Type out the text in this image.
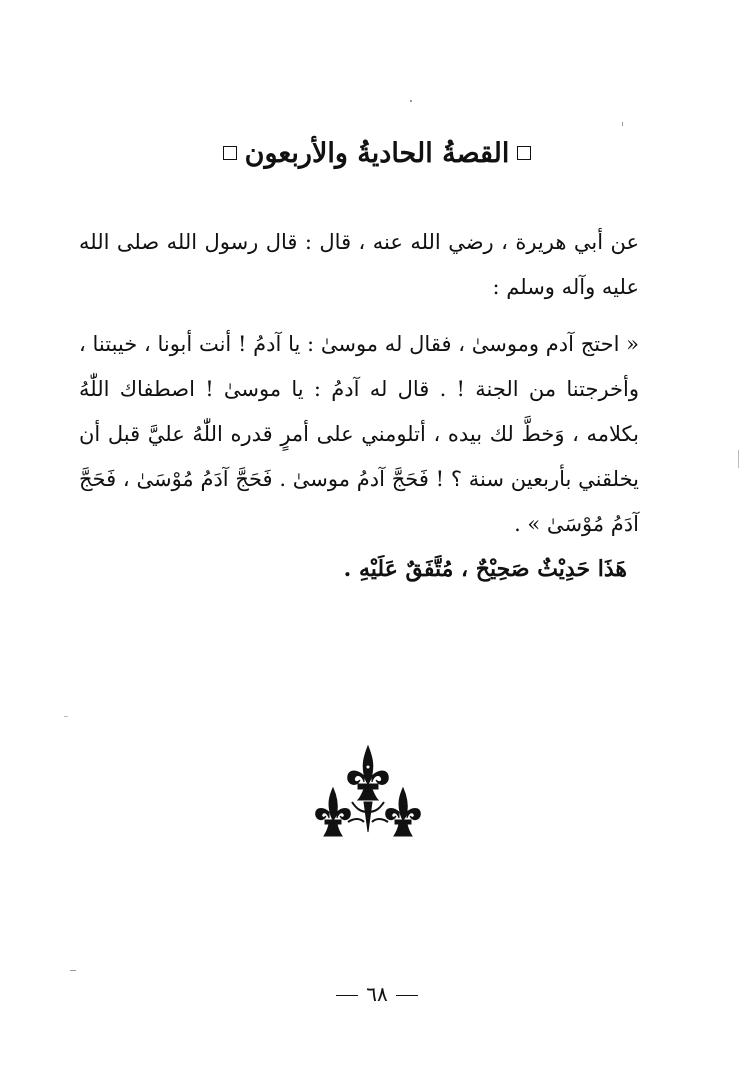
القصةُ الحاديةُ والأربعون

عن أبي هريرة ، رضي الله عنه ، قال : قال رسول الله صلى الله عليه وآله وسلم :

« احتج آدم وموسىٰ ، فقال له موسىٰ : يا آدمُ ! أنت أبونا ، خيبتنا ، وأخرجتنا من الجنة ! . قال له آدمُ : يا موسىٰ ! اصطفاك اللّٰهُ بكلامه ، وَخطَّ لك بيده ، أتلومني على أمرٍ قدره اللّٰهُ عليَّ قبل أن يخلقني بأربعين سنة ؟ ! فَحَجَّ آدمُ موسىٰ . فَحَجَّ آدَمُ مُوْسَىٰ ، فَحَجَّ آدَمُ مُوْسَىٰ » .

هَذَا حَدِيْثٌ صَحِيْحٌ ، مُتَّفَقٌ عَلَيْهِ .

٦٨
